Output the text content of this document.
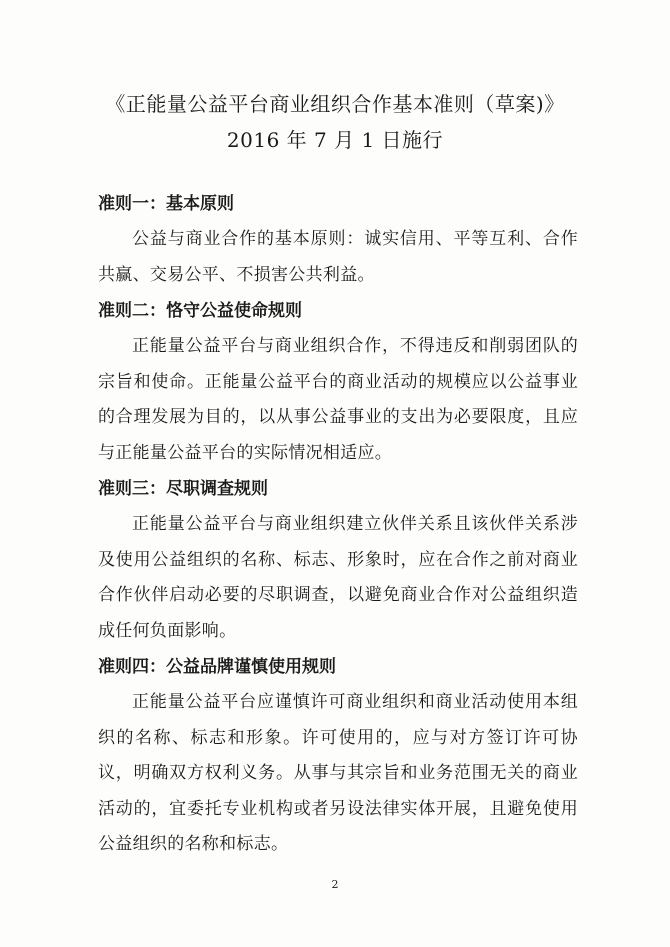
《正能量公益平台商业组织合作基本准则（草案)》
2016 年 7 月 1 日施行

准则一：基本原则

公益与商业合作的基本原则：诚实信用、平等互利、合作共赢、交易公平、不损害公共利益。

准则二：恪守公益使命规则

正能量公益平台与商业组织合作，不得违反和削弱团队的宗旨和使命。正能量公益平台的商业活动的规模应以公益事业的合理发展为目的，以从事公益事业的支出为必要限度，且应与正能量公益平台的实际情况相适应。

准则三：尽职调查规则

正能量公益平台与商业组织建立伙伴关系且该伙伴关系涉及使用公益组织的名称、标志、形象时，应在合作之前对商业合作伙伴启动必要的尽职调查，以避免商业合作对公益组织造成任何负面影响。

准则四：公益品牌谨慎使用规则

正能量公益平台应谨慎许可商业组织和商业活动使用本组织的名称、标志和形象。许可使用的，应与对方签订许可协议，明确双方权利义务。从事与其宗旨和业务范围无关的商业活动的，宜委托专业机构或者另设法律实体开展，且避免使用公益组织的名称和标志。

2
